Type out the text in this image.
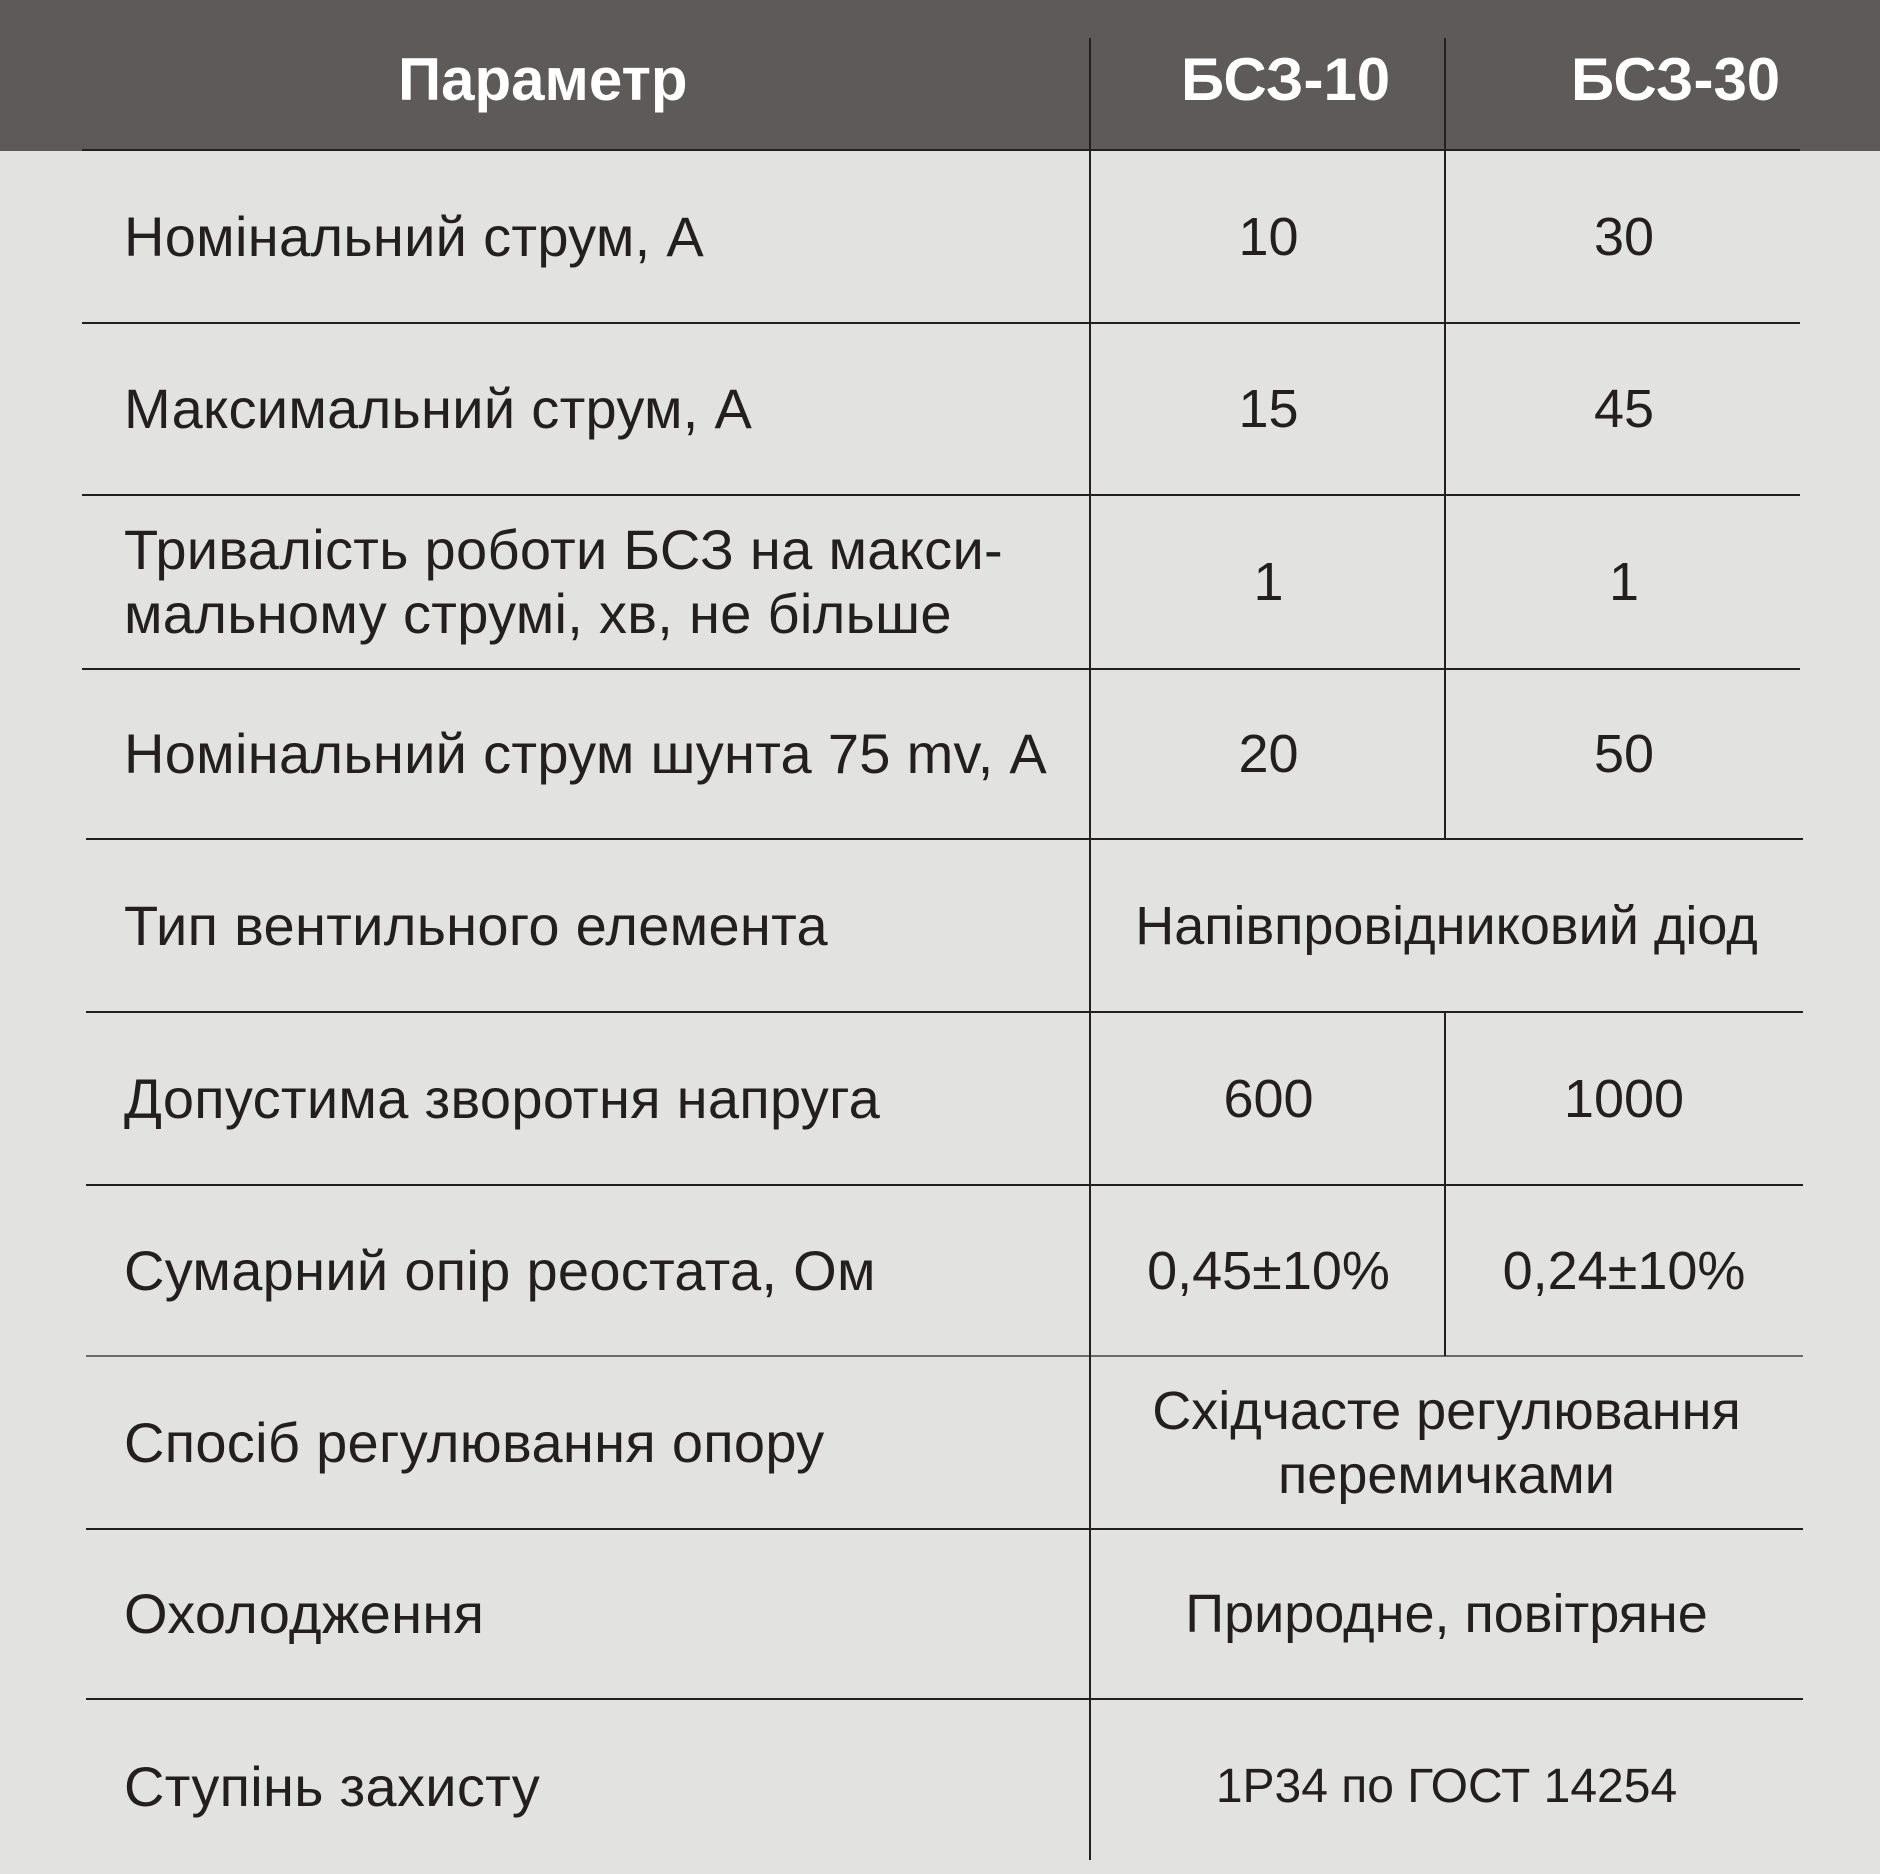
Параметр	БСЗ-10	БСЗ-30
Номінальний струм, А	10	30
Максимальний струм, А	15	45
Тривалість роботи БСЗ на макси-
мальному струмі, хв, не більше	1	1
Номінальний струм шунта 75 mv, А	20	50
Тип вентильного елемента	Напівпровідниковий діод
Допустима зворотня напруга	600	1000
Сумарний опір реостата, Ом	0,45±10%	0,24±10%
Спосіб регулювання опору	Східчасте регулювання
перемичками
Охолодження	Природне, повітряне
Ступінь захисту	1Р34 по ГОСТ 14254
